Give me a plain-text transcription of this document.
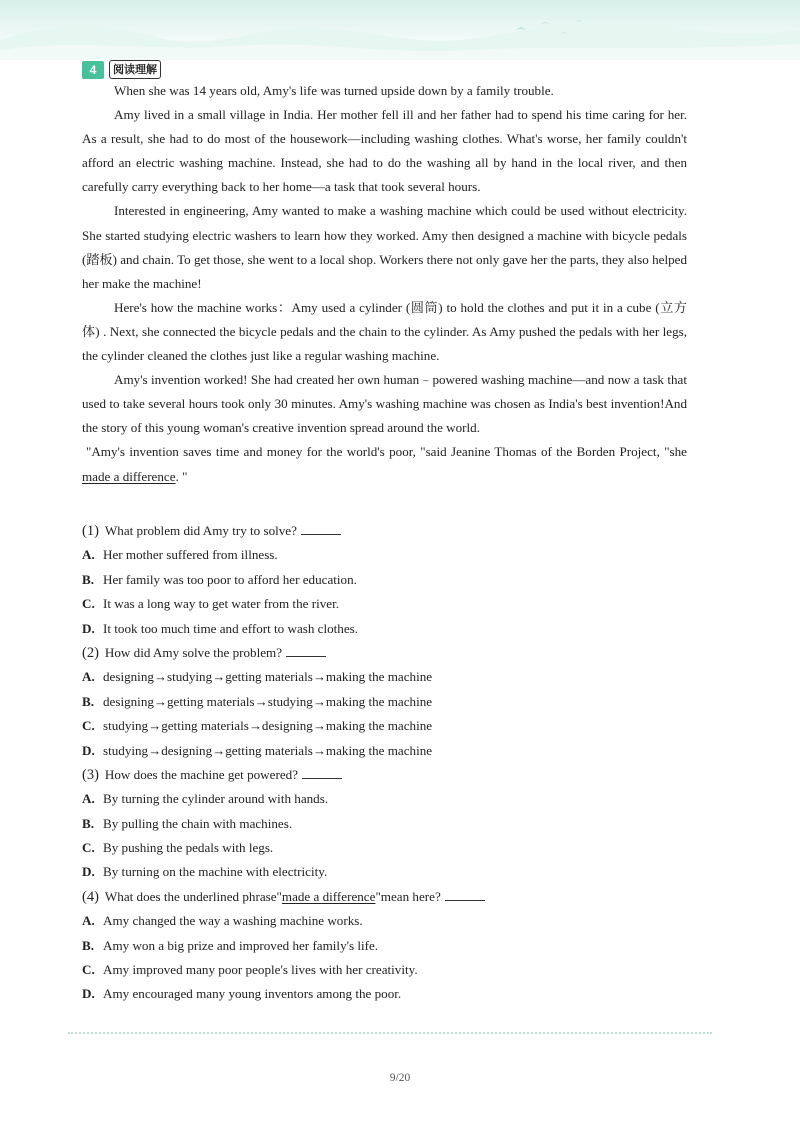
4	阅读理解

When she was 14 years old, Amy's life was turned upside down by a family trouble.

Amy lived in a small village in India. Her mother fell ill and her father had to spend his time caring for her. As a result, she had to do most of the housework—including washing clothes. What's worse, her family couldn't afford an electric washing machine. Instead, she had to do the washing all by hand in the local river, and then carefully carry everything back to her home—a task that took several hours.

Interested in engineering, Amy wanted to make a washing machine which could be used without electricity. She started studying electric washers to learn how they worked. Amy then designed a machine with bicycle pedals (踏板) and chain. To get those, she went to a local shop. Workers there not only gave her the parts, they also helped her make the machine!

Here's how the machine works：Amy used a cylinder (圆筒) to hold the clothes and put it in a cube (立方体) . Next, she connected the bicycle pedals and the chain to the cylinder. As Amy pushed the pedals with her legs, the cylinder cleaned the clothes just like a regular washing machine.

Amy's invention worked! She had created her own human﹣powered washing machine—and now a task that used to take several hours took only 30 minutes. Amy's washing machine was chosen as India's best invention!And the story of this young woman's creative invention spread around the world.

"Amy's invention saves time and money for the world's poor, "said Jeanine Thomas of the Borden Project, "she made a difference. "

(1) What problem did Amy try to solve?
A. Her mother suffered from illness.
B. Her family was too poor to afford her education.
C. It was a long way to get water from the river.
D. It took too much time and effort to wash clothes.
(2) How did Amy solve the problem?
A. designing→studying→getting materials→making the machine
B. designing→getting materials→studying→making the machine
C. studying→getting materials→designing→making the machine
D. studying→designing→getting materials→making the machine
(3) How does the machine get powered?
A. By turning the cylinder around with hands.
B. By pulling the chain with machines.
C. By pushing the pedals with legs.
D. By turning on the machine with electricity.
(4) What does the underlined phrase"made a difference"mean here?
A. Amy changed the way a washing machine works.
B. Amy won a big prize and improved her family's life.
C. Amy improved many poor people's lives with her creativity.
D. Amy encouraged many young inventors among the poor.
9/20
